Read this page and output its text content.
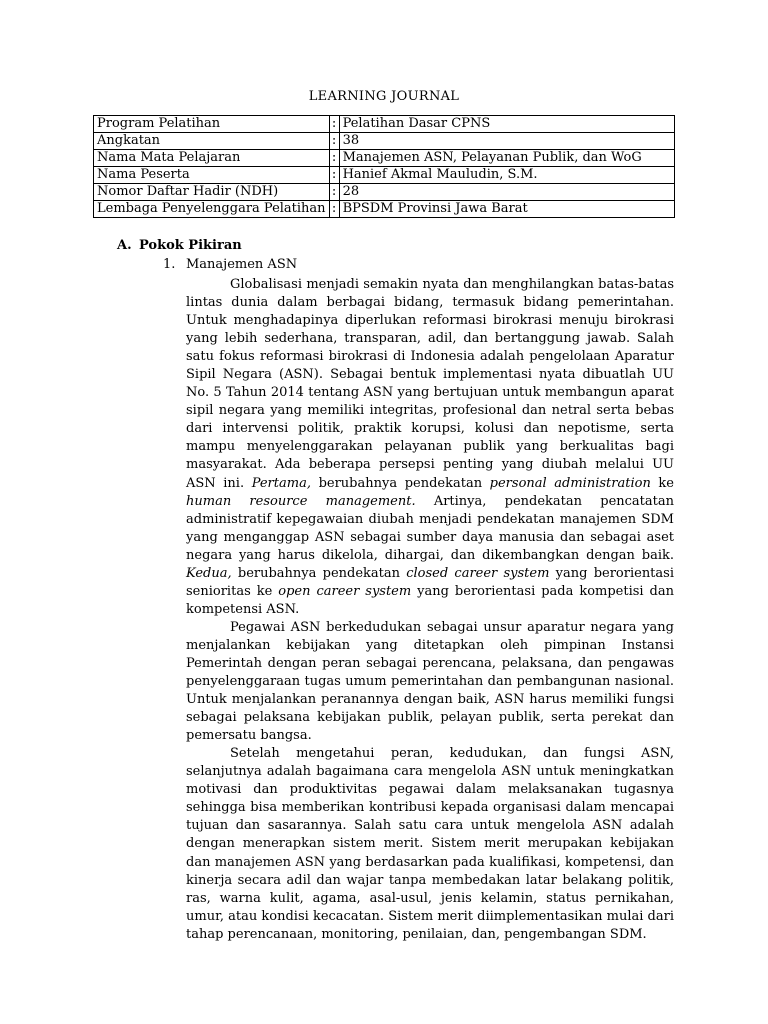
LEARNING JOURNAL
Program Pelatihan	:	Pelatihan Dasar CPNS
Angkatan	:	38
Nama Mata Pelajaran	:	Manajemen ASN, Pelayanan Publik, dan WoG
Nama Peserta	:	Hanief Akmal Mauludin, S.M.
Nomor Daftar Hadir (NDH)	:	28
Lembaga Penyelenggara Pelatihan	:	BPSDM Provinsi Jawa Barat
A. Pokok Pikiran
1. Manajemen ASN

Globalisasi menjadi semakin nyata dan menghilangkan batas-batas lintas dunia dalam berbagai bidang, termasuk bidang pemerintahan. Untuk menghadapinya diperlukan reformasi birokrasi menuju birokrasi yang lebih sederhana, transparan, adil, dan bertanggung jawab. Salah satu fokus reformasi birokrasi di Indonesia adalah pengelolaan Aparatur Sipil Negara (ASN). Sebagai bentuk implementasi nyata dibuatlah UU No. 5 Tahun 2014 tentang ASN yang bertujuan untuk membangun aparat sipil negara yang memiliki integritas, profesional dan netral serta bebas dari intervensi politik, praktik korupsi, kolusi dan nepotisme, serta mampu menyelenggarakan pelayanan publik yang berkualitas bagi masyarakat. Ada beberapa persepsi penting yang diubah melalui UU ASN ini. Pertama, berubahnya pendekatan personal administration ke human resource management. Artinya, pendekatan pencatatan administratif kepegawaian diubah menjadi pendekatan manajemen SDM yang menganggap ASN sebagai sumber daya manusia dan sebagai aset negara yang harus dikelola, dihargai, dan dikembangkan dengan baik. Kedua, berubahnya pendekatan closed career system yang berorientasi senioritas ke open career system yang berorientasi pada kompetisi dan kompetensi ASN.

Pegawai ASN berkedudukan sebagai unsur aparatur negara yang menjalankan kebijakan yang ditetapkan oleh pimpinan Instansi Pemerintah dengan peran sebagai perencana, pelaksana, dan pengawas penyelenggaraan tugas umum pemerintahan dan pembangunan nasional. Untuk menjalankan peranannya dengan baik, ASN harus memiliki fungsi sebagai pelaksana kebijakan publik, pelayan publik, serta perekat dan pemersatu bangsa.

Setelah mengetahui peran, kedudukan, dan fungsi ASN, selanjutnya adalah bagaimana cara mengelola ASN untuk meningkatkan motivasi dan produktivitas pegawai dalam melaksanakan tugasnya sehingga bisa memberikan kontribusi kepada organisasi dalam mencapai tujuan dan sasarannya. Salah satu cara untuk mengelola ASN adalah dengan menerapkan sistem merit. Sistem merit merupakan kebijakan dan manajemen ASN yang berdasarkan pada kualifikasi, kompetensi, dan kinerja secara adil dan wajar tanpa membedakan latar belakang politik, ras, warna kulit, agama, asal-usul, jenis kelamin, status pernikahan, umur, atau kondisi kecacatan. Sistem merit diimplementasikan mulai dari tahap perencanaan, monitoring, penilaian, dan, pengembangan SDM.
